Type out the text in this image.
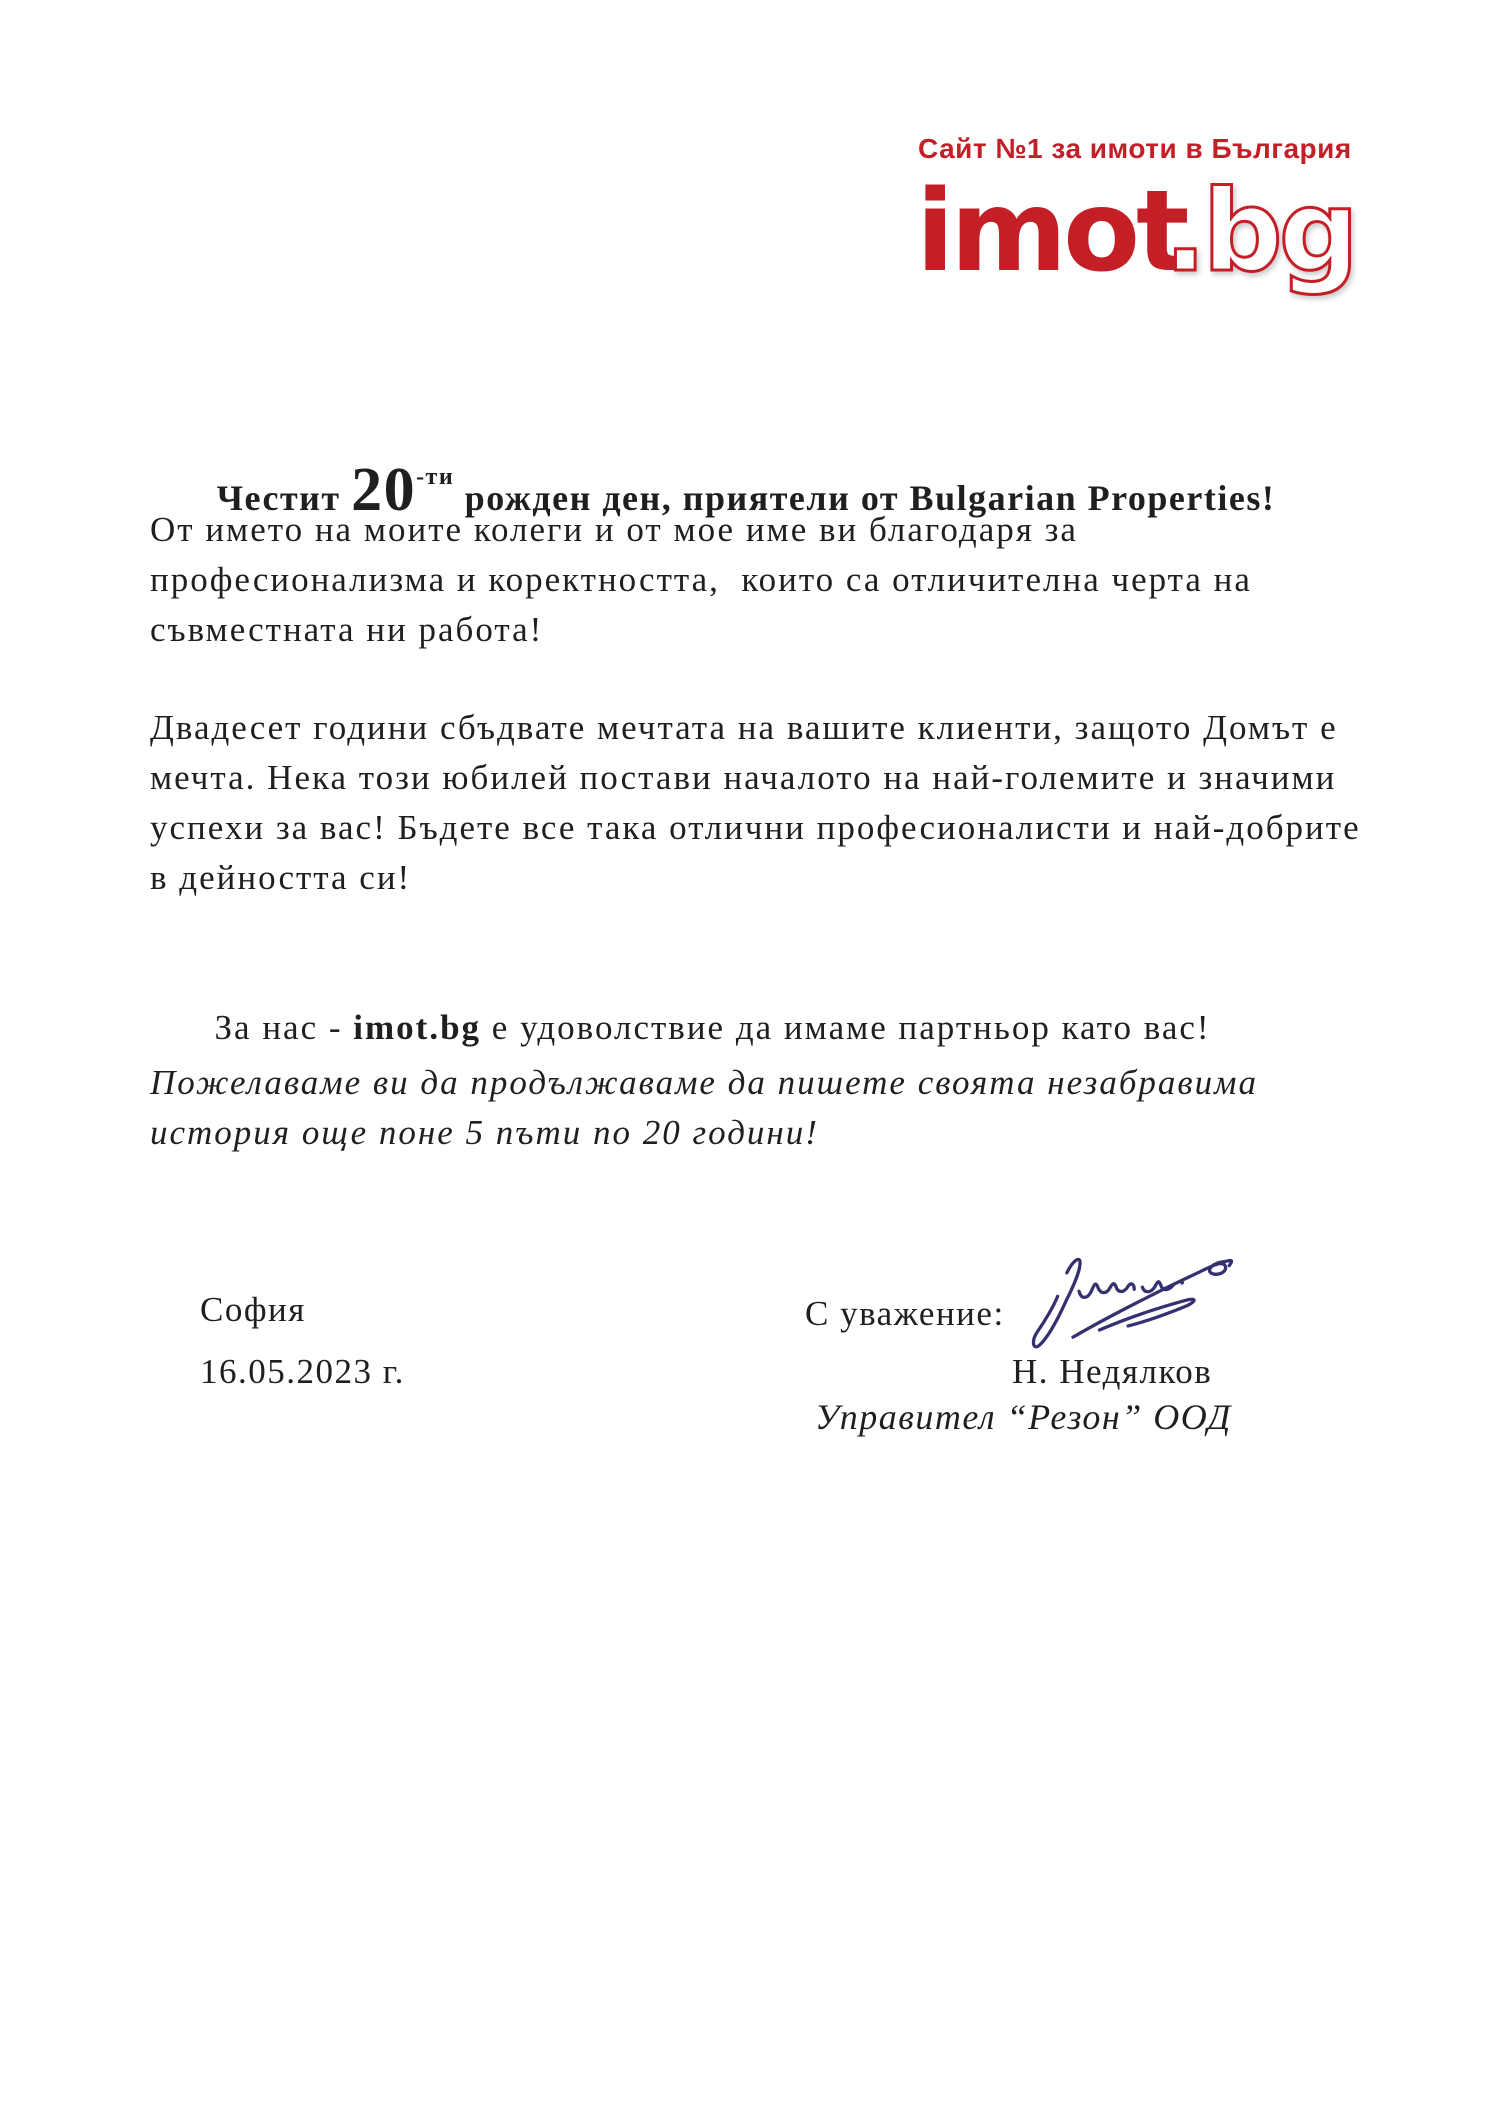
Сайт №1 за имоти в България
imot
.bg

Честит 20-ти рожден ден, приятели от Bulgarian Properties!

От името на моите колеги и от мое име ви благодаря за
професионализма и коректността,  които са отличителна черта на
съвместната ни работа!
Двадесет години сбъдвате мечтата на вашите клиенти, защото Домът е
мечта. Нека този юбилей постави началото на най-големите и значими
успехи за вас! Бъдете все така отлични професионалисти и най-добрите
в дейността си!

За нас - imot.bg е удоволствие да имаме партньор като вас!

Пожелаваме ви да продължаваме да пишете своята незабравима
история още поне 5 пъти по 20 години!
София
16.05.2023 г.
С уважение:
Н. Недялков
Управител “Резон” ООД
